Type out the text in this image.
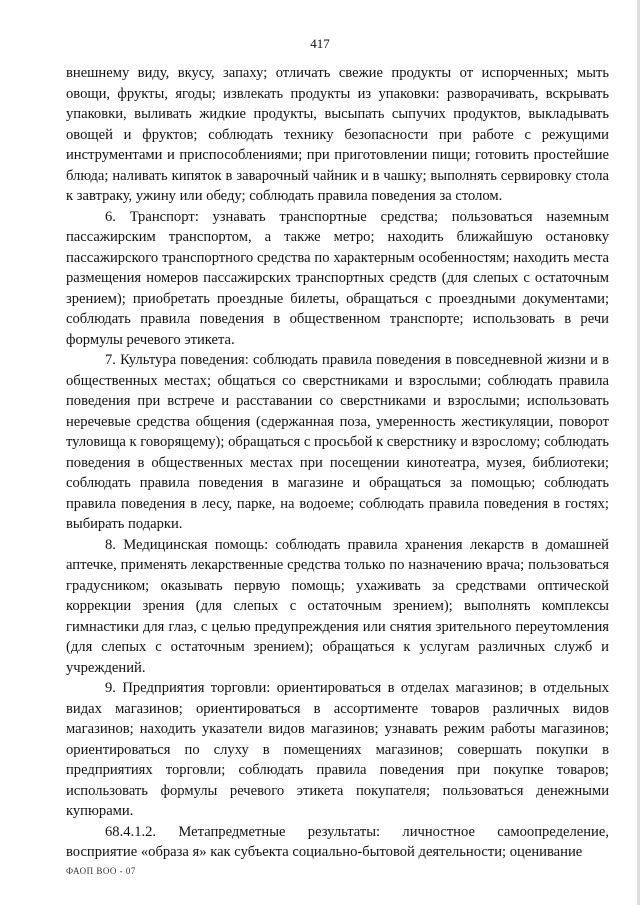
417

внешнему виду, вкусу, запаху; отличать свежие продукты от испорченных; мыть овощи, фрукты, ягоды; извлекать продукты из упаковки: разворачивать, вскрывать упаковки, выливать жидкие продукты, высыпать сыпучих продуктов, выкладывать овощей и фруктов; соблюдать технику безопасности при работе с режущими инструментами и приспособлениями; при приготовлении пищи; готовить простейшие блюда; наливать кипяток в заварочный чайник и в чашку; выполнять сервировку стола к завтраку, ужину или обеду; соблюдать правила поведения за столом.

6. Транспорт: узнавать транспортные средства; пользоваться наземным пассажирским транспортом, а также метро; находить ближайшую остановку пассажирского транспортного средства по характерным особенностям; находить места размещения номеров пассажирских транспортных средств (для слепых с остаточным зрением); приобретать проездные билеты, обращаться с проездными документами; соблюдать правила поведения в общественном транспорте; использовать в речи формулы речевого этикета.

7. Культура поведения: соблюдать правила поведения в повседневной жизни и в общественных местах; общаться со сверстниками и взрослыми; соблюдать правила поведения при встрече и расставании со сверстниками и взрослыми; использовать неречевые средства общения (сдержанная поза, умеренность жестикуляции, поворот туловища к говорящему); обращаться с просьбой к сверстнику и взрослому; соблюдать поведения в общественных местах при посещении кинотеатра, музея, библиотеки; соблюдать правила поведения в магазине и обращаться за помощью; соблюдать правила поведения в лесу, парке, на водоеме; соблюдать правила поведения в гостях; выбирать подарки.

8. Медицинская помощь: соблюдать правила хранения лекарств в домашней аптечке, применять лекарственные средства только по назначению врача; пользоваться градусником; оказывать первую помощь; ухаживать за средствами оптической коррекции зрения (для слепых с остаточным зрением); выполнять комплексы гимнастики для глаз, с целью предупреждения или снятия зрительного переутомления (для слепых с остаточным зрением); обращаться к услугам различных служб и учреждений.

9. Предприятия торговли: ориентироваться в отделах магазинов; в отдельных видах магазинов; ориентироваться в ассортименте товаров различных видов магазинов; находить указатели видов магазинов; узнавать режим работы магазинов; ориентироваться по слуху в помещениях магазинов; совершать покупки в предприятиях торговли; соблюдать правила поведения при покупке товаров; использовать формулы речевого этикета покупателя; пользоваться денежными купюрами.

68.4.1.2. Метапредметные результаты: личностное самоопределение, восприятие «образа я» как субъекта социально-бытовой деятельности; оценивание

ФАОП ВОО - 07
